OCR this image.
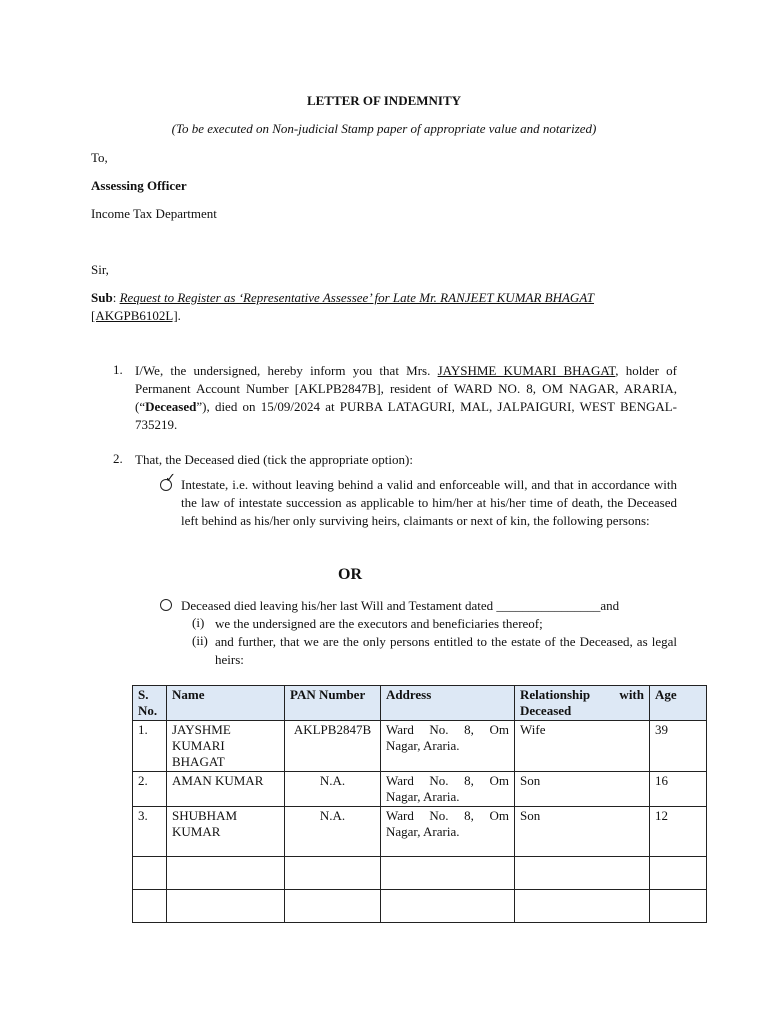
LETTER OF INDEMNITY
(To be executed on Non-judicial Stamp paper of appropriate value and notarized)
To,
Assessing Officer
Income Tax Department
Sir,
Sub: Request to Register as ‘Representative Assessee’ for Late Mr. RANJEET KUMAR BHAGAT
[AKGPB6102L].
1. I/We, the undersigned, hereby inform you that Mrs. JAYSHME KUMARI BHAGAT, holder of Permanent Account Number [AKLPB2847B], resident of WARD NO. 8, OM NAGAR, ARARIA, (“Deceased”), died on 15/09/2024 at PURBA LATAGURI, MAL, JALPAIGURI, WEST BENGAL-735219.
2. That, the Deceased died (tick the appropriate option):
✓ Intestate, i.e. without leaving behind a valid and enforceable will, and that in accordance with the law of intestate succession as applicable to him/her at his/her time of death, the Deceased left behind as his/her only surviving heirs, claimants or next of kin, the following persons:
OR
Deceased died leaving his/her last Will and Testament dated ________________and
(i) we the undersigned are the executors and beneficiaries thereof;
(ii) and further, that we are the only persons entitled to the estate of the Deceased, as legal heirs:
S. No.	Name	PAN Number	Address	Relationship with Deceased	Age
1.	JAYSHME KUMARI BHAGAT	AKLPB2847B	Ward No. 8, Om Nagar, Araria.	Wife	39
2.	AMAN KUMAR	N.A.	Ward No. 8, Om Nagar, Araria.	Son	16
3.	SHUBHAM KUMAR	N.A.	Ward No. 8, Om Nagar, Araria.	Son	12
